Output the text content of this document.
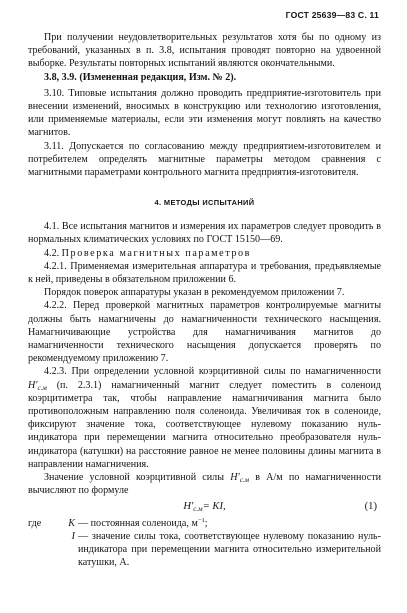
ГОСТ 25639—83 С. 11

При получении неудовлетворительных результатов хотя бы по одному из требований, указанных в п. 3.8, испытания проводят повторно на удвоенной выборке. Результаты повторных испытаний являются окончательными.

3.8, 3.9. (Измененная редакция, Изм. № 2).

3.10. Типовые испытания должно проводить предприятие-изготовитель при внесении изменений, вносимых в конструкцию или технологию изготовления, или применяемые материалы, если эти изменения могут повлиять на качество магнитов.

3.11. Допускается по согласованию между предприятием-изготовителем и потребителем определять магнитные параметры методом сравнения с магнитными параметрами контрольного магнита предприятия-изготовителя.

4. МЕТОДЫ ИСПЫТАНИЙ

4.1. Все испытания магнитов и измерения их параметров следует проводить в нормальных климатических условиях по ГОСТ 15150—69.

4.2. Проверка магнитных параметров

4.2.1. Применяемая измерительная аппаратура и требования, предъявляемые к ней, приведены в обязательном приложении 6.

Порядок поверок аппаратуры указан в рекомендуемом приложении 7.

4.2.2. Перед проверкой магнитных параметров контролируемые магниты должны быть намагничены до намагниченности технического насыщения. Намагничивающие устройства для намагничивания магнитов до намагниченности технического насыщения допускается проверять по рекомендуемому приложению 7.

4.2.3. При определении условной коэрцитивной силы по намагниченности $H'_{с.м}$ (п. 2.3.1) намагниченный магнит следует поместить в соленоид коэрцитиметра так, чтобы направление намагничивания магнита было противоположным направлению поля соленоида. Увеличивая ток в соленоиде, фиксируют значение тока, соответствующее нулевому показанию нуль-индикатора при перемещении магнита относительно преобразователя нуль-индикатора (катушки) на расстояние равное не менее половины длины магнита в направлении намагничения.

Значение условной коэрцитивной силы $H'_{с.м}$ в А/м по намагниченности вычисляют по формуле

$H'_{с.м}=$ KI,	(1)
где	K — постоянная соленоида, $м^{-1}$;
I — значение силы тока, соответствующее нулевому показанию нуль-индикатора при перемещении магнита относительно измерительной катушки, А.
